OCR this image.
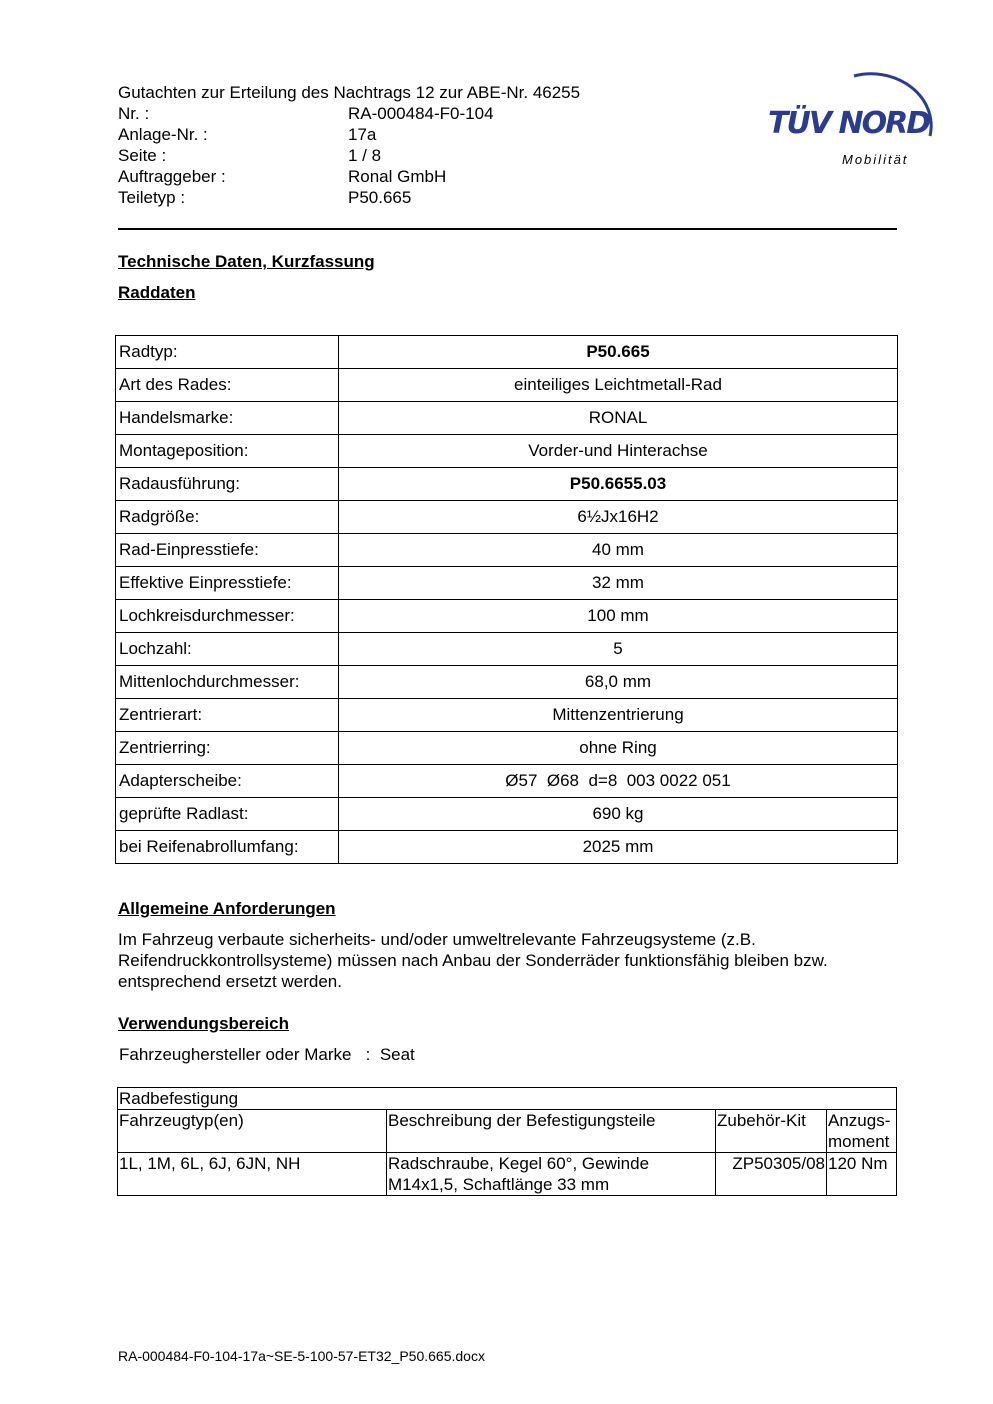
Gutachten zur Erteilung des Nachtrags 12 zur ABE-Nr. 46255
Nr. :	RA-000484-F0-104
Anlage-Nr. :	17a
Seite :	1 / 8
Auftraggeber :	Ronal GmbH
Teiletyp :	P50.665
TÜV NORD
Mobilität
Technische Daten, Kurzfassung
Raddaten
Radtyp:	P50.665
Art des Rades:	einteiliges Leichtmetall-Rad
Handelsmarke:	RONAL
Montageposition:	Vorder-und Hinterachse
Radausführung:	P50.6655.03
Radgröße:	6½Jx16H2
Rad-Einpresstiefe:	40 mm
Effektive Einpresstiefe:	32 mm
Lochkreisdurchmesser:	100 mm
Lochzahl:	5
Mittenlochdurchmesser:	68,0 mm
Zentrierart:	Mittenzentrierung
Zentrierring:	ohne Ring
Adapterscheibe:	Ø57  Ø68  d=8  003 0022 051
geprüfte Radlast:	690 kg
bei Reifenabrollumfang:	2025 mm
Allgemeine Anforderungen
Im Fahrzeug verbaute sicherheits- und/oder umweltrelevante Fahrzeugsysteme (z.B. Reifendruckkontrollsysteme) müssen nach Anbau der Sonderräder funktionsfähig bleiben bzw. entsprechend ersetzt werden.
Verwendungsbereich
Fahrzeughersteller oder Marke : Seat
Radbefestigung			
Fahrzeugtyp(en)	Beschreibung der Befestigungsteile	Zubehör-Kit	Anzugs-
moment
1L, 1M, 6L, 6J, 6JN, NH	Radschraube, Kegel 60°, Gewinde M14x1,5, Schaftlänge 33 mm	ZP50305/08	120 Nm
RA-000484-F0-104-17a~SE-5-100-57-ET32_P50.665.docx
